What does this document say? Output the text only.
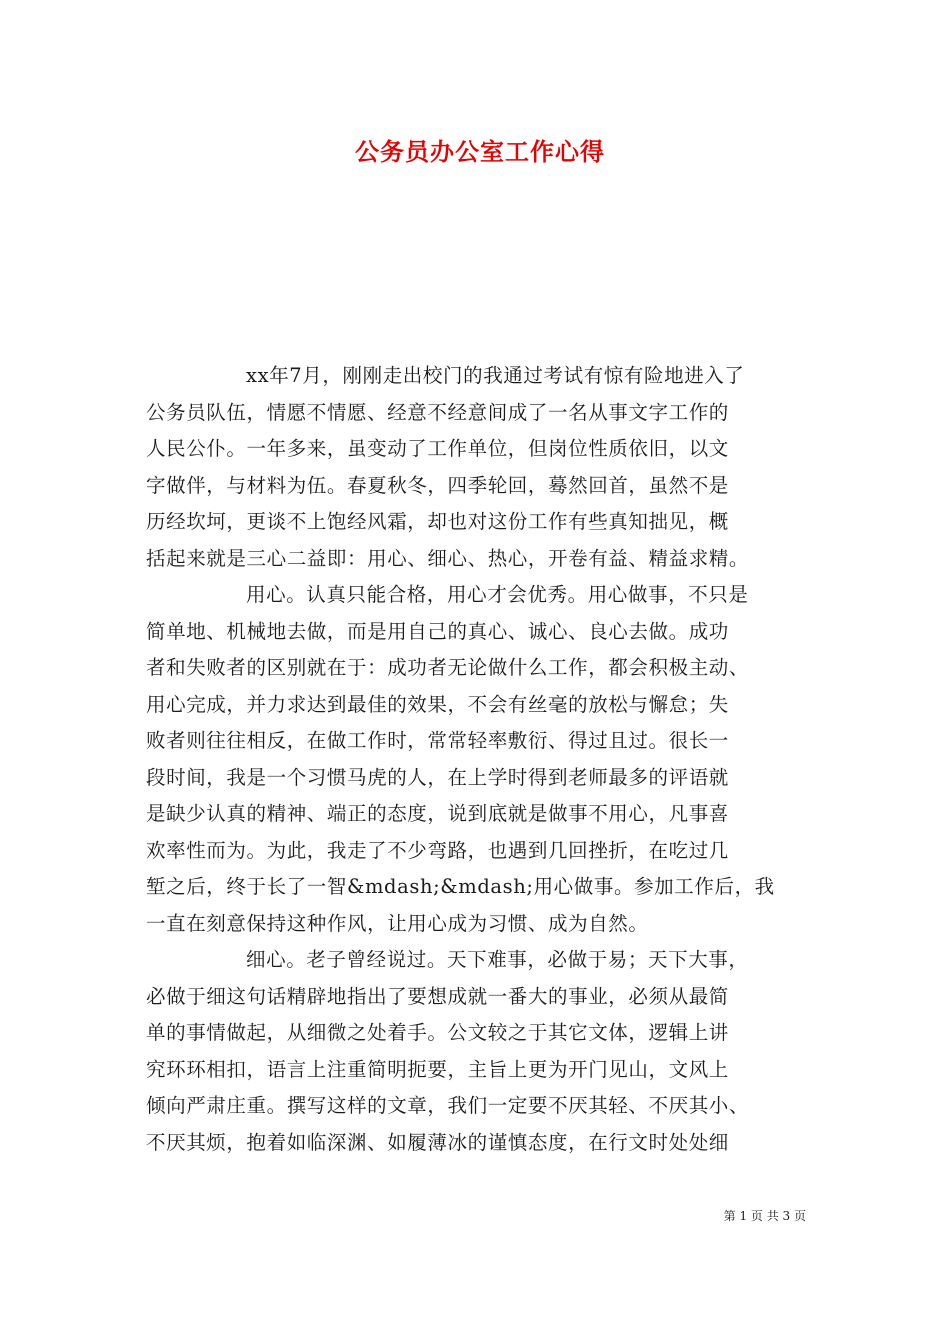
公务员办公室工作心得
xx年7月，刚刚走出校门的我通过考试有惊有险地进入了
公务员队伍，情愿不情愿、经意不经意间成了一名从事文字工作的
人民公仆。一年多来，虽变动了工作单位，但岗位性质依旧，以文
字做伴，与材料为伍。春夏秋冬，四季轮回，蓦然回首，虽然不是
历经坎坷，更谈不上饱经风霜，却也对这份工作有些真知拙见，概
括起来就是三心二益即：用心、细心、热心，开卷有益、精益求精。
用心。认真只能合格，用心才会优秀。用心做事，不只是
简单地、机械地去做，而是用自己的真心、诚心、良心去做。成功
者和失败者的区别就在于：成功者无论做什么工作，都会积极主动、
用心完成，并力求达到最佳的效果，不会有丝毫的放松与懈怠；失
败者则往往相反，在做工作时，常常轻率敷衍、得过且过。很长一
段时间，我是一个习惯马虎的人，在上学时得到老师最多的评语就
是缺少认真的精神、端正的态度，说到底就是做事不用心，凡事喜
欢率性而为。为此，我走了不少弯路，也遇到几回挫折，在吃过几
堑之后，终于长了一智&mdash;&mdash;用心做事。参加工作后，我
一直在刻意保持这种作风，让用心成为习惯、成为自然。
细心。老子曾经说过。天下难事，必做于易；天下大事，
必做于细这句话精辟地指出了要想成就一番大的事业，必须从最简
单的事情做起，从细微之处着手。公文较之于其它文体，逻辑上讲
究环环相扣，语言上注重简明扼要，主旨上更为开门见山，文风上
倾向严肃庄重。撰写这样的文章，我们一定要不厌其轻、不厌其小、
不厌其烦，抱着如临深渊、如履薄冰的谨慎态度，在行文时处处细
第 1 页 共 3 页
